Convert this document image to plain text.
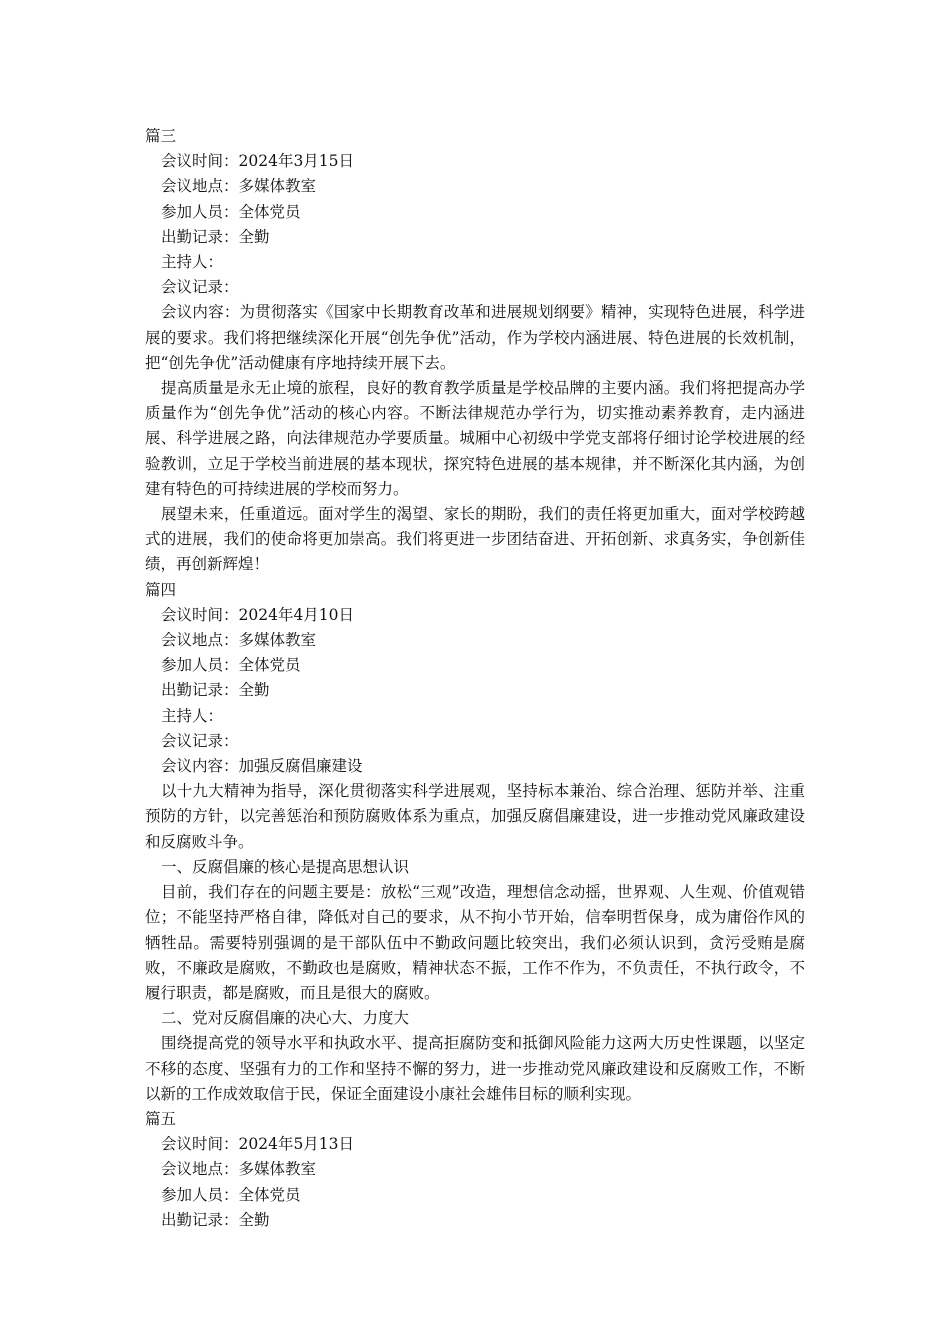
篇三
会议时间：2024年3月15日
会议地点：多媒体教室
参加人员：全体党员
出勤记录：全勤
主持人：
会议记录：

会议内容：为贯彻落实《国家中长期教育改革和进展规划纲要》精神，实现特色进展，科学进展的要求。我们将把继续深化开展“创先争优”活动，作为学校内涵进展、特色进展的长效机制，把“创先争优”活动健康有序地持续开展下去。

提高质量是永无止境的旅程，良好的教育教学质量是学校品牌的主要内涵。我们将把提高办学质量作为“创先争优”活动的核心内容。不断法律规范办学行为，切实推动素养教育，走内涵进展、科学进展之路，向法律规范办学要质量。城厢中心初级中学党支部将仔细讨论学校进展的经验教训，立足于学校当前进展的基本现状，探究特色进展的基本规律，并不断深化其内涵，为创建有特色的可持续进展的学校而努力。

展望未来，任重道远。面对学生的渴望、家长的期盼，我们的责任将更加重大，面对学校跨越式的进展，我们的使命将更加崇高。我们将更进一步团结奋进、开拓创新、求真务实，争创新佳绩，再创新辉煌！

篇四
会议时间：2024年4月10日
会议地点：多媒体教室
参加人员：全体党员
出勤记录：全勤
主持人：
会议记录：
会议内容：加强反腐倡廉建设

以十九大精神为指导，深化贯彻落实科学进展观，坚持标本兼治、综合治理、惩防并举、注重预防的方针，以完善惩治和预防腐败体系为重点，加强反腐倡廉建设，进一步推动党风廉政建设和反腐败斗争。

一、反腐倡廉的核心是提高思想认识

目前，我们存在的问题主要是：放松“三观”改造，理想信念动摇，世界观、人生观、价值观错位；不能坚持严格自律，降低对自己的要求，从不拘小节开始，信奉明哲保身，成为庸俗作风的牺牲品。需要特别强调的是干部队伍中不勤政问题比较突出，我们必须认识到，贪污受贿是腐败，不廉政是腐败，不勤政也是腐败，精神状态不振，工作不作为，不负责任，不执行政令，不履行职责，都是腐败，而且是很大的腐败。

二、党对反腐倡廉的决心大、力度大

围绕提高党的领导水平和执政水平、提高拒腐防变和抵御风险能力这两大历史性课题，以坚定不移的态度、坚强有力的工作和坚持不懈的努力，进一步推动党风廉政建设和反腐败工作，不断以新的工作成效取信于民，保证全面建设小康社会雄伟目标的顺利实现。

篇五
会议时间：2024年5月13日
会议地点：多媒体教室
参加人员：全体党员
出勤记录：全勤
